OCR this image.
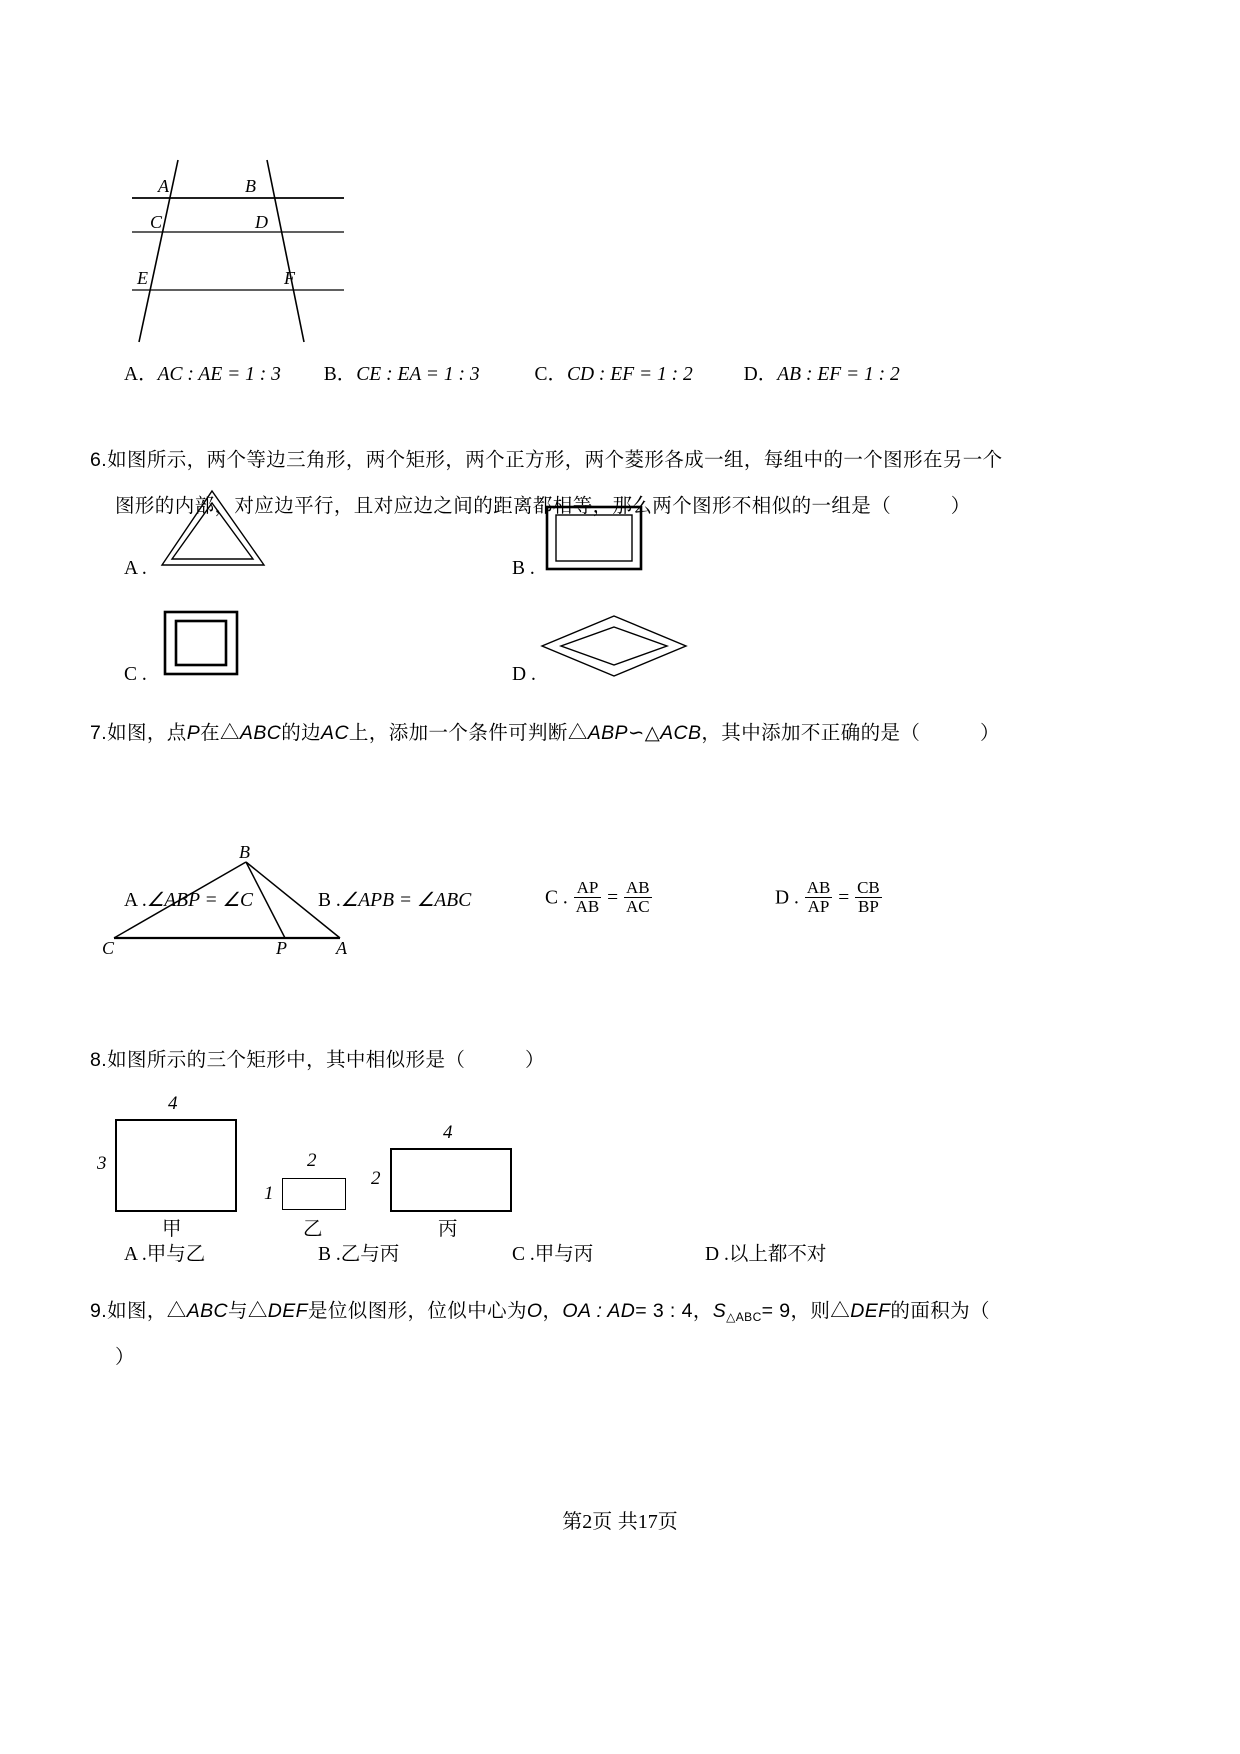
A	B
C	D
E	F
A．AC : AE = 1 : 3 B．CE : EA = 1 : 3	C．CD : EF = 1 : 2	D．AB : EF = 1 : 2
6.如图所示，两个等边三角形，两个矩形，两个正方形，两个菱形各成一组，每组中的一个图形在另一个
图形的内部，对应边平行，且对应边之间的距离都相等，那么两个图形不相似的一组是（　　　）
A .	B .
C .	D .
7.如图，点P在△ABC的边AC上，添加一个条件可判断△ABP∽△ACB，其中添加不正确的是（　　　）
B
C	P	A
A .∠ABP = ∠C	B .∠APB = ∠ABC	C . $\frac{AP}{AB} = \frac{AB}{AC}$	D . $\frac{AB}{AP} = \frac{CB}{BP}$
8.如图所示的三个矩形中，其中相似形是（　　　）
4
3
甲
2
1
乙
4
2
丙
A .甲与乙	B .乙与丙	C .甲与丙	D .以上都不对
9.如图，△ABC与△DEF是位似图形，位似中心为O，OA : AD= 3 : 4，$S_{\triangle ABC}= 9$，则△DEF的面积为（
）
第2页 共17页
